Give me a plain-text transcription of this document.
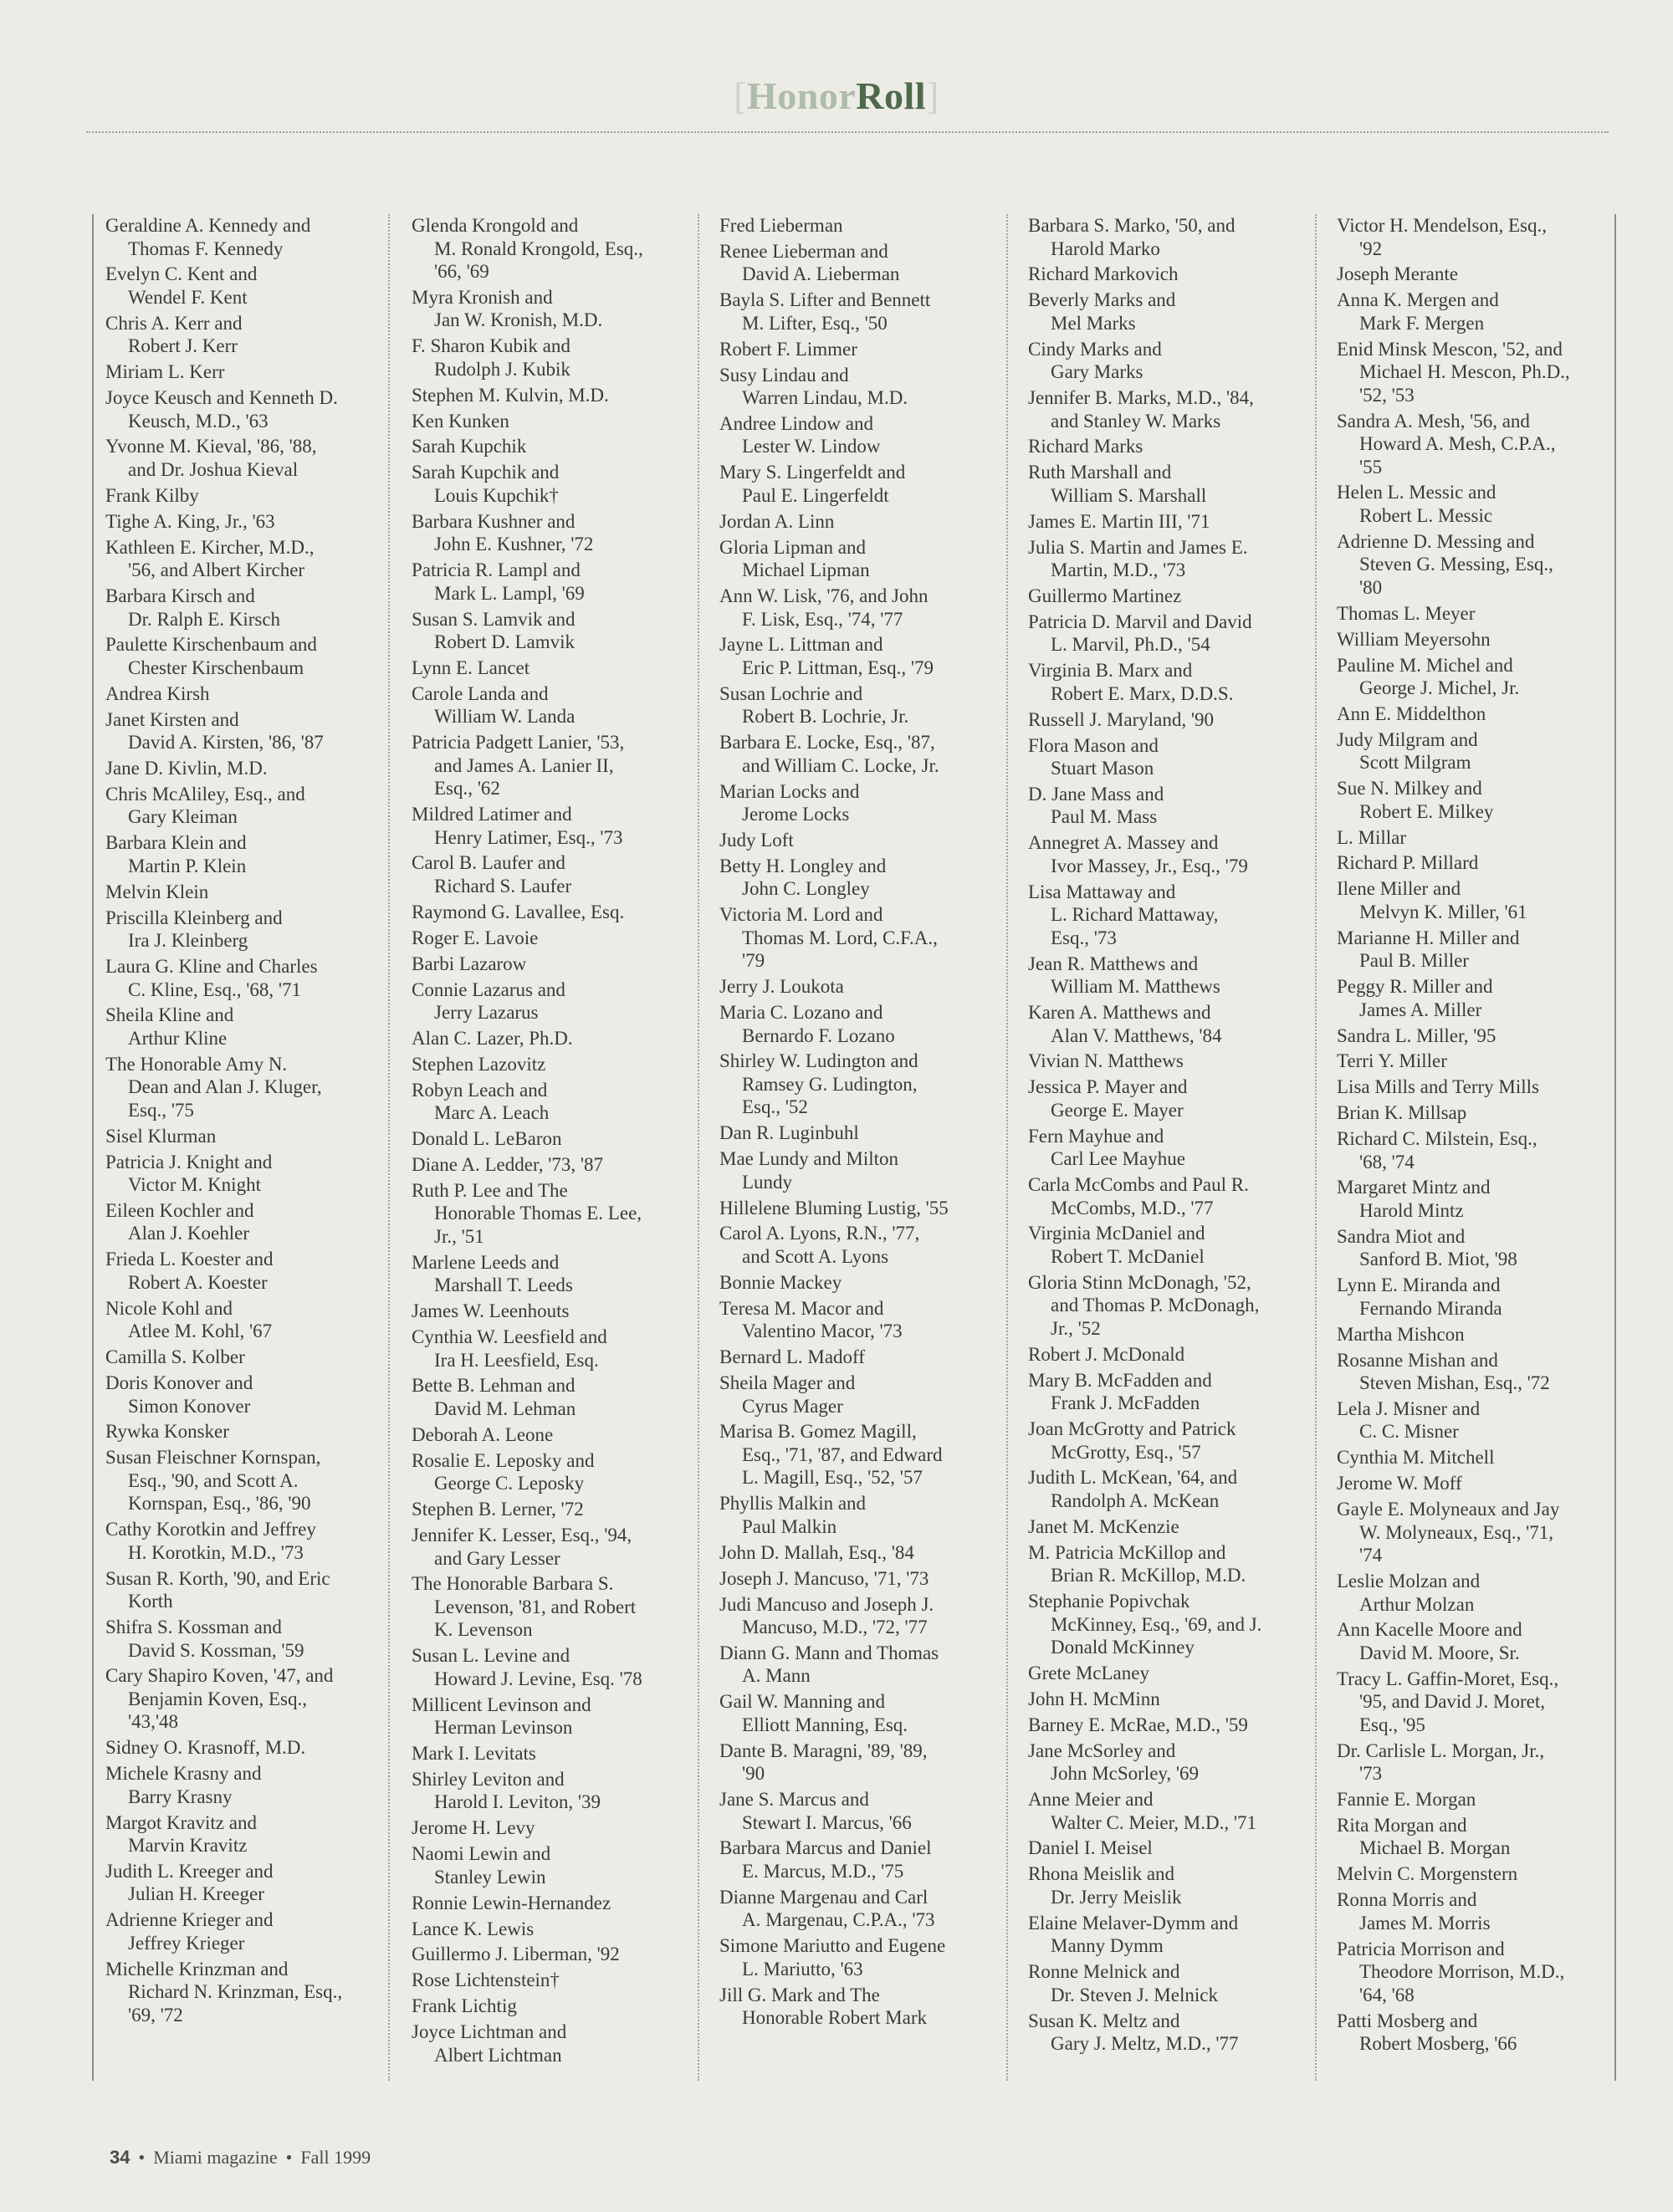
[HonorRoll]
Geraldine A. Kennedy and
Thomas F. Kennedy
Evelyn C. Kent and
Wendel F. Kent
Chris A. Kerr and
Robert J. Kerr
Miriam L. Kerr
Joyce Keusch and Kenneth D.
Keusch, M.D., '63
Yvonne M. Kieval, '86, '88,
and Dr. Joshua Kieval
Frank Kilby
Tighe A. King, Jr., '63
Kathleen E. Kircher, M.D.,
'56, and Albert Kircher
Barbara Kirsch and
Dr. Ralph E. Kirsch
Paulette Kirschenbaum and
Chester Kirschenbaum
Andrea Kirsh
Janet Kirsten and
David A. Kirsten, '86, '87
Jane D. Kivlin, M.D.
Chris McAliley, Esq., and
Gary Kleiman
Barbara Klein and
Martin P. Klein
Melvin Klein
Priscilla Kleinberg and
Ira J. Kleinberg
Laura G. Kline and Charles
C. Kline, Esq., '68, '71
Sheila Kline and
Arthur Kline
The Honorable Amy N.
Dean and Alan J. Kluger,
Esq., '75
Sisel Klurman
Patricia J. Knight and
Victor M. Knight
Eileen Kochler and
Alan J. Koehler
Frieda L. Koester and
Robert A. Koester
Nicole Kohl and
Atlee M. Kohl, '67
Camilla S. Kolber
Doris Konover and
Simon Konover
Rywka Konsker
Susan Fleischner Kornspan,
Esq., '90, and Scott A.
Kornspan, Esq., '86, '90
Cathy Korotkin and Jeffrey
H. Korotkin, M.D., '73
Susan R. Korth, '90, and Eric
Korth
Shifra S. Kossman and
David S. Kossman, '59
Cary Shapiro Koven, '47, and
Benjamin Koven, Esq.,
'43,'48
Sidney O. Krasnoff, M.D.
Michele Krasny and
Barry Krasny
Margot Kravitz and
Marvin Kravitz
Judith L. Kreeger and
Julian H. Kreeger
Adrienne Krieger and
Jeffrey Krieger
Michelle Krinzman and
Richard N. Krinzman, Esq.,
'69, '72
Glenda Krongold and
M. Ronald Krongold, Esq.,
'66, '69
Myra Kronish and
Jan W. Kronish, M.D.
F. Sharon Kubik and
Rudolph J. Kubik
Stephen M. Kulvin, M.D.
Ken Kunken
Sarah Kupchik
Sarah Kupchik and
Louis Kupchik†
Barbara Kushner and
John E. Kushner, '72
Patricia R. Lampl and
Mark L. Lampl, '69
Susan S. Lamvik and
Robert D. Lamvik
Lynn E. Lancet
Carole Landa and
William W. Landa
Patricia Padgett Lanier, '53,
and James A. Lanier II,
Esq., '62
Mildred Latimer and
Henry Latimer, Esq., '73
Carol B. Laufer and
Richard S. Laufer
Raymond G. Lavallee, Esq.
Roger E. Lavoie
Barbi Lazarow
Connie Lazarus and
Jerry Lazarus
Alan C. Lazer, Ph.D.
Stephen Lazovitz
Robyn Leach and
Marc A. Leach
Donald L. LeBaron
Diane A. Ledder, '73, '87
Ruth P. Lee and The
Honorable Thomas E. Lee,
Jr., '51
Marlene Leeds and
Marshall T. Leeds
James W. Leenhouts
Cynthia W. Leesfield and
Ira H. Leesfield, Esq.
Bette B. Lehman and
David M. Lehman
Deborah A. Leone
Rosalie E. Leposky and
George C. Leposky
Stephen B. Lerner, '72
Jennifer K. Lesser, Esq., '94,
and Gary Lesser
The Honorable Barbara S.
Levenson, '81, and Robert
K. Levenson
Susan L. Levine and
Howard J. Levine, Esq. '78
Millicent Levinson and
Herman Levinson
Mark I. Levitats
Shirley Leviton and
Harold I. Leviton, '39
Jerome H. Levy
Naomi Lewin and
Stanley Lewin
Ronnie Lewin-Hernandez
Lance K. Lewis
Guillermo J. Liberman, '92
Rose Lichtenstein†
Frank Lichtig
Joyce Lichtman and
Albert Lichtman
Fred Lieberman
Renee Lieberman and
David A. Lieberman
Bayla S. Lifter and Bennett
M. Lifter, Esq., '50
Robert F. Limmer
Susy Lindau and
Warren Lindau, M.D.
Andree Lindow and
Lester W. Lindow
Mary S. Lingerfeldt and
Paul E. Lingerfeldt
Jordan A. Linn
Gloria Lipman and
Michael Lipman
Ann W. Lisk, '76, and John
F. Lisk, Esq., '74, '77
Jayne L. Littman and
Eric P. Littman, Esq., '79
Susan Lochrie and
Robert B. Lochrie, Jr.
Barbara E. Locke, Esq., '87,
and William C. Locke, Jr.
Marian Locks and
Jerome Locks
Judy Loft
Betty H. Longley and
John C. Longley
Victoria M. Lord and
Thomas M. Lord, C.F.A.,
'79
Jerry J. Loukota
Maria C. Lozano and
Bernardo F. Lozano
Shirley W. Ludington and
Ramsey G. Ludington,
Esq., '52
Dan R. Luginbuhl
Mae Lundy and Milton
Lundy
Hillelene Bluming Lustig, '55
Carol A. Lyons, R.N., '77,
and Scott A. Lyons
Bonnie Mackey
Teresa M. Macor and
Valentino Macor, '73
Bernard L. Madoff
Sheila Mager and
Cyrus Mager
Marisa B. Gomez Magill,
Esq., '71, '87, and Edward
L. Magill, Esq., '52, '57
Phyllis Malkin and
Paul Malkin
John D. Mallah, Esq., '84
Joseph J. Mancuso, '71, '73
Judi Mancuso and Joseph J.
Mancuso, M.D., '72, '77
Diann G. Mann and Thomas
A. Mann
Gail W. Manning and
Elliott Manning, Esq.
Dante B. Maragni, '89, '89,
'90
Jane S. Marcus and
Stewart I. Marcus, '66
Barbara Marcus and Daniel
E. Marcus, M.D., '75
Dianne Margenau and Carl
A. Margenau, C.P.A., '73
Simone Mariutto and Eugene
L. Mariutto, '63
Jill G. Mark and The
Honorable Robert Mark
Barbara S. Marko, '50, and
Harold Marko
Richard Markovich
Beverly Marks and
Mel Marks
Cindy Marks and
Gary Marks
Jennifer B. Marks, M.D., '84,
and Stanley W. Marks
Richard Marks
Ruth Marshall and
William S. Marshall
James E. Martin III, '71
Julia S. Martin and James E.
Martin, M.D., '73
Guillermo Martinez
Patricia D. Marvil and David
L. Marvil, Ph.D., '54
Virginia B. Marx and
Robert E. Marx, D.D.S.
Russell J. Maryland, '90
Flora Mason and
Stuart Mason
D. Jane Mass and
Paul M. Mass
Annegret A. Massey and
Ivor Massey, Jr., Esq., '79
Lisa Mattaway and
L. Richard Mattaway,
Esq., '73
Jean R. Matthews and
William M. Matthews
Karen A. Matthews and
Alan V. Matthews, '84
Vivian N. Matthews
Jessica P. Mayer and
George E. Mayer
Fern Mayhue and
Carl Lee Mayhue
Carla McCombs and Paul R.
McCombs, M.D., '77
Virginia McDaniel and
Robert T. McDaniel
Gloria Stinn McDonagh, '52,
and Thomas P. McDonagh,
Jr., '52
Robert J. McDonald
Mary B. McFadden and
Frank J. McFadden
Joan McGrotty and Patrick
McGrotty, Esq., '57
Judith L. McKean, '64, and
Randolph A. McKean
Janet M. McKenzie
M. Patricia McKillop and
Brian R. McKillop, M.D.
Stephanie Popivchak
McKinney, Esq., '69, and J.
Donald McKinney
Grete McLaney
John H. McMinn
Barney E. McRae, M.D., '59
Jane McSorley and
John McSorley, '69
Anne Meier and
Walter C. Meier, M.D., '71
Daniel I. Meisel
Rhona Meislik and
Dr. Jerry Meislik
Elaine Melaver-Dymm and
Manny Dymm
Ronne Melnick and
Dr. Steven J. Melnick
Susan K. Meltz and
Gary J. Meltz, M.D., '77
Victor H. Mendelson, Esq.,
'92
Joseph Merante
Anna K. Mergen and
Mark F. Mergen
Enid Minsk Mescon, '52, and
Michael H. Mescon, Ph.D.,
'52, '53
Sandra A. Mesh, '56, and
Howard A. Mesh, C.P.A.,
'55
Helen L. Messic and
Robert L. Messic
Adrienne D. Messing and
Steven G. Messing, Esq.,
'80
Thomas L. Meyer
William Meyersohn
Pauline M. Michel and
George J. Michel, Jr.
Ann E. Middelthon
Judy Milgram and
Scott Milgram
Sue N. Milkey and
Robert E. Milkey
L. Millar
Richard P. Millard
Ilene Miller and
Melvyn K. Miller, '61
Marianne H. Miller and
Paul B. Miller
Peggy R. Miller and
James A. Miller
Sandra L. Miller, '95
Terri Y. Miller
Lisa Mills and Terry Mills
Brian K. Millsap
Richard C. Milstein, Esq.,
'68, '74
Margaret Mintz and
Harold Mintz
Sandra Miot and
Sanford B. Miot, '98
Lynn E. Miranda and
Fernando Miranda
Martha Mishcon
Rosanne Mishan and
Steven Mishan, Esq., '72
Lela J. Misner and
C. C. Misner
Cynthia M. Mitchell
Jerome W. Moff
Gayle E. Molyneaux and Jay
W. Molyneaux, Esq., '71,
'74
Leslie Molzan and
Arthur Molzan
Ann Kacelle Moore and
David M. Moore, Sr.
Tracy L. Gaffin-Moret, Esq.,
'95, and David J. Moret,
Esq., '95
Dr. Carlisle L. Morgan, Jr.,
'73
Fannie E. Morgan
Rita Morgan and
Michael B. Morgan
Melvin C. Morgenstern
Ronna Morris and
James M. Morris
Patricia Morrison and
Theodore Morrison, M.D.,
'64, '68
Patti Mosberg and
Robert Mosberg, '66
34 • Miami magazine • Fall 1999
